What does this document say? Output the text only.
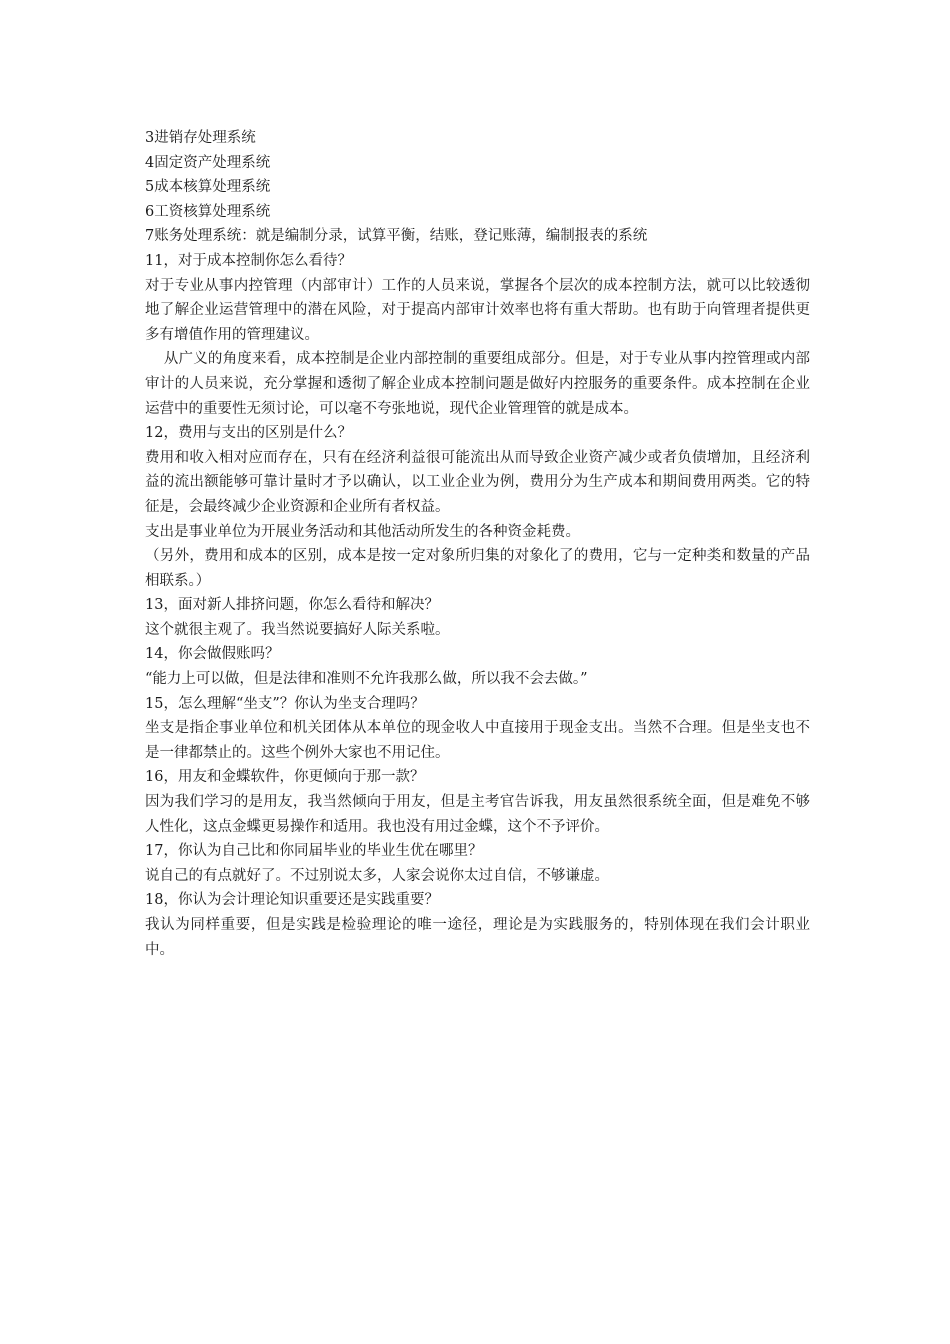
3进销存处理系统

4固定资产处理系统

5成本核算处理系统

6工资核算处理系统

7账务处理系统：就是编制分录，试算平衡，结账，登记账薄，编制报表的系统

11，对于成本控制你怎么看待？

对于专业从事内控管理（内部审计）工作的人员来说，掌握各个层次的成本控制方法，就可以比较透彻地了解企业运营管理中的潜在风险，对于提高内部审计效率也将有重大帮助。也有助于向管理者提供更多有增值作用的管理建议。

从广义的角度来看，成本控制是企业内部控制的重要组成部分。但是，对于专业从事内控管理或内部审计的人员来说，充分掌握和透彻了解企业成本控制问题是做好内控服务的重要条件。成本控制在企业运营中的重要性无须讨论，可以毫不夸张地说，现代企业管理管的就是成本。

12，费用与支出的区别是什么？

费用和收入相对应而存在，只有在经济利益很可能流出从而导致企业资产减少或者负债增加，且经济利益的流出额能够可靠计量时才予以确认，以工业企业为例，费用分为生产成本和期间费用两类。它的特征是，会最终减少企业资源和企业所有者权益。

支出是事业单位为开展业务活动和其他活动所发生的各种资金耗费。

（另外，费用和成本的区别，成本是按一定对象所归集的对象化了的费用，它与一定种类和数量的产品相联系。）

13，面对新人排挤问题，你怎么看待和解决？

这个就很主观了。我当然说要搞好人际关系啦。

14，你会做假账吗？

“能力上可以做，但是法律和准则不允许我那么做，所以我不会去做。”

15，怎么理解“坐支”？你认为坐支合理吗？

坐支是指企事业单位和机关团体从本单位的现金收人中直接用于现金支出。当然不合理。但是坐支也不是一律都禁止的。这些个例外大家也不用记住。

16，用友和金蝶软件，你更倾向于那一款？

因为我们学习的是用友，我当然倾向于用友，但是主考官告诉我，用友虽然很系统全面，但是难免不够人性化，这点金蝶更易操作和适用。我也没有用过金蝶，这个不予评价。

17，你认为自己比和你同届毕业的毕业生优在哪里？

说自己的有点就好了。不过别说太多，人家会说你太过自信，不够谦虚。

18，你认为会计理论知识重要还是实践重要？

我认为同样重要，但是实践是检验理论的唯一途径，理论是为实践服务的，特别体现在我们会计职业中。
